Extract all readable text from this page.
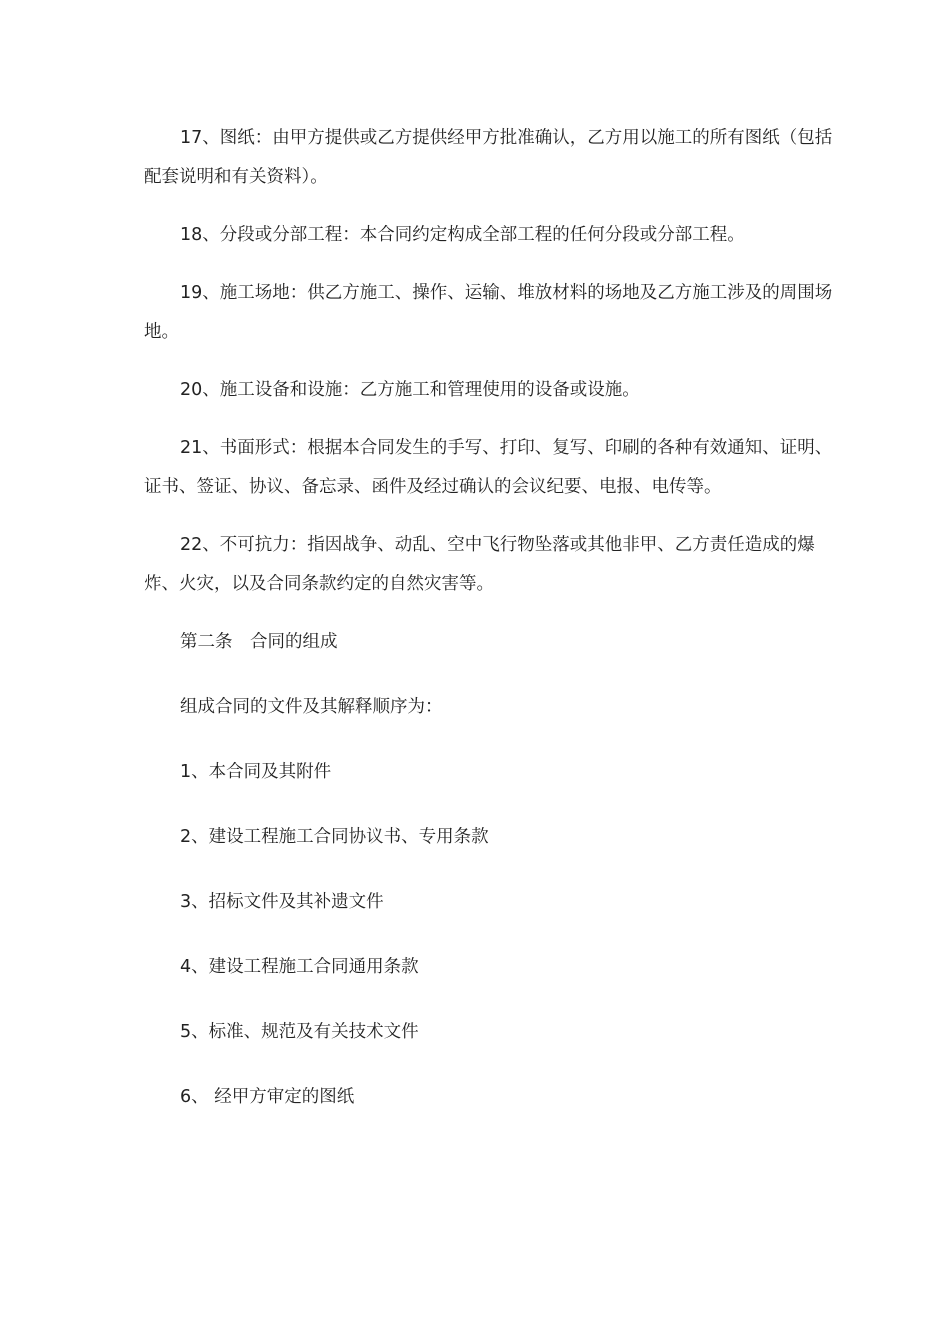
17、图纸：由甲方提供或乙方提供经甲方批准确认，乙方用以施工的所有图纸（包括配套说明和有关资料）。

18、分段或分部工程：本合同约定构成全部工程的任何分段或分部工程。

19、施工场地：供乙方施工、操作、运输、堆放材料的场地及乙方施工涉及的周围场地。

20、施工设备和设施：乙方施工和管理使用的设备或设施。

21、书面形式：根据本合同发生的手写、打印、复写、印刷的各种有效通知、证明、证书、签证、协议、备忘录、函件及经过确认的会议纪要、电报、电传等。

22、不可抗力：指因战争、动乱、空中飞行物坠落或其他非甲、乙方责任造成的爆炸、火灾，以及合同条款约定的自然灾害等。

第二条　合同的组成

组成合同的文件及其解释顺序为：

1、本合同及其附件

2、建设工程施工合同协议书、专用条款

3、招标文件及其补遗文件

4、建设工程施工合同通用条款

5、标准、规范及有关技术文件

6、 经甲方审定的图纸
